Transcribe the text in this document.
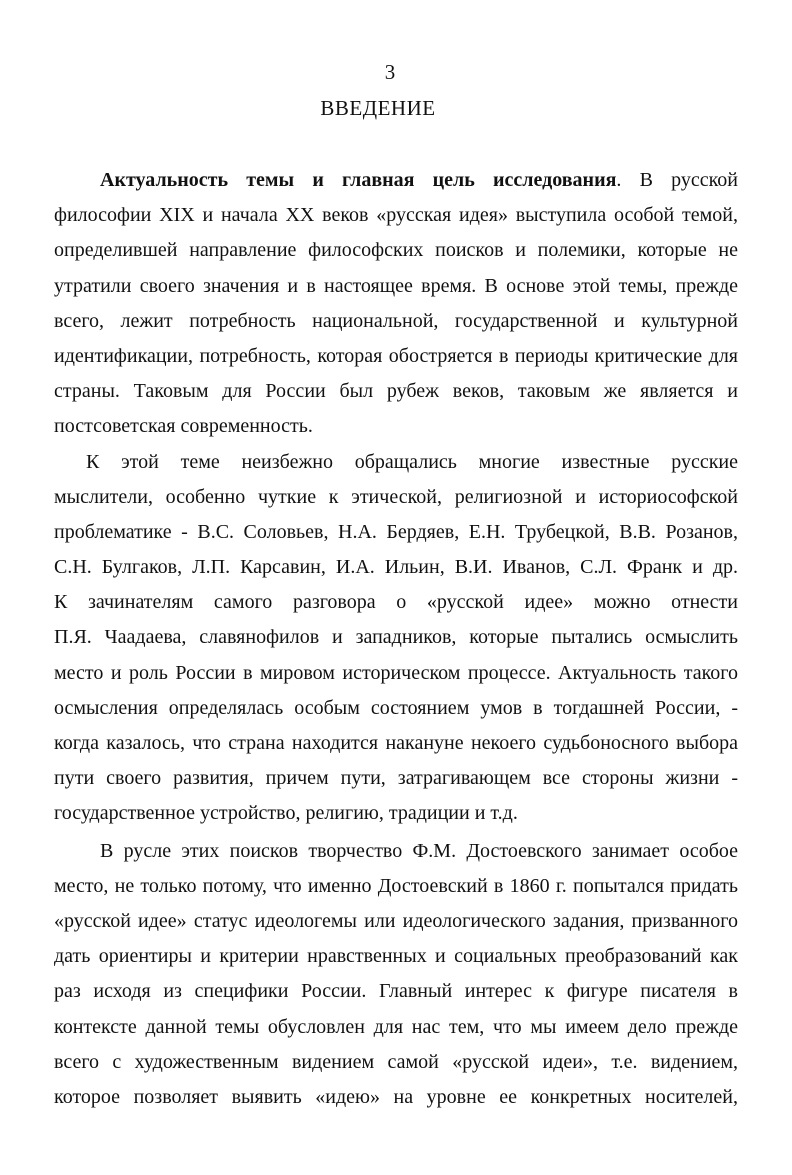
3
ВВЕДЕНИЕ
Актуальность темы и главная цель исследования. В русской
философии XIX и начала XX веков «русская идея» выступила особой темой,
определившей направление философских поисков и полемики, которые не
утратили своего значения и в настоящее время. В основе этой темы, прежде
всего, лежит потребность национальной, государственной и культурной
идентификации, потребность, которая обостряется в периоды критические для
страны. Таковым для России был рубеж веков, таковым же является и
постсоветская современность.
К этой теме неизбежно обращались многие известные русские
мыслители, особенно чуткие к этической, религиозной и историософской
проблематике - В.С. Соловьев, Н.А. Бердяев, Е.Н. Трубецкой, В.В. Розанов,
С.Н. Булгаков, Л.П. Карсавин, И.А. Ильин, В.И. Иванов, С.Л. Франк и др.
К зачинателям самого разговора о «русской идее» можно отнести
П.Я. Чаадаева, славянофилов и западников, которые пытались осмыслить
место и роль России в мировом историческом процессе. Актуальность такого
осмысления определялась особым состоянием умов в тогдашней России, -
когда казалось, что страна находится накануне некоего судьбоносного выбора
пути своего развития, причем пути, затрагивающем все стороны жизни -
государственное устройство, религию, традиции и т.д.
В русле этих поисков творчество Ф.М. Достоевского занимает особое
место, не только потому, что именно Достоевский в 1860 г. попытался придать
«русской идее» статус идеологемы или идеологического задания, призванного
дать ориентиры и критерии нравственных и социальных преобразований как
раз исходя из специфики России. Главный интерес к фигуре писателя в
контексте данной темы обусловлен для нас тем, что мы имеем дело прежде
всего с художественным видением самой «русской идеи», т.е. видением,
которое позволяет выявить «идею» на уровне ее конкретных носителей,
